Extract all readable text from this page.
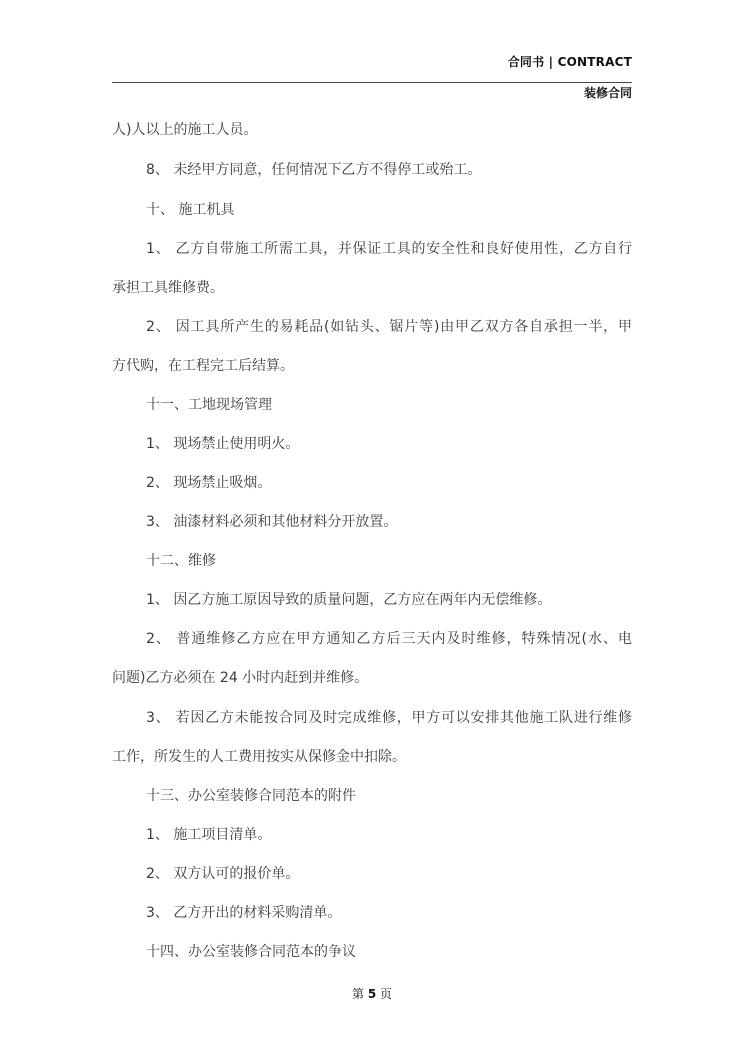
合同书 | CONTRACT
装修合同
人)人以上的施工人员。
8、 未经甲方同意，任何情况下乙方不得停工或殆工。
十、 施工机具
1、 乙方自带施工所需工具，并保证工具的安全性和良好使用性，乙方自行
承担工具维修费。
2、 因工具所产生的易耗品(如钻头、锯片等)由甲乙双方各自承担一半，甲
方代购，在工程完工后结算。
十一、工地现场管理
1、 现场禁止使用明火。
2、 现场禁止吸烟。
3、 油漆材料必须和其他材料分开放置。
十二、维修
1、 因乙方施工原因导致的质量问题，乙方应在两年内无偿维修。
2、 普通维修乙方应在甲方通知乙方后三天内及时维修，特殊情况(水、电
问题)乙方必须在 24 小时内赶到并维修。
3、 若因乙方未能按合同及时完成维修，甲方可以安排其他施工队进行维修
工作，所发生的人工费用按实从保修金中扣除。
十三、办公室装修合同范本的附件
1、 施工项目清单。
2、 双方认可的报价单。
3、 乙方开出的材料采购清单。
十四、办公室装修合同范本的争议
第 5 页
